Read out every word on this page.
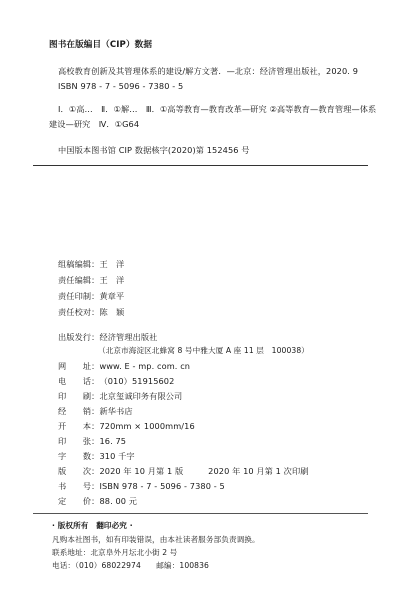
图书在版编目（CIP）数据
高校教育创新及其管理体系的建设/解方文著．—北京：经济管理出版社，2020. 9
ISBN 978 - 7 - 5096 - 7380 - 5
Ⅰ．①高…　Ⅱ．①解…　Ⅲ．①高等教育—教育改革—研究 ②高等教育—教育管理—体系
建设—研究　Ⅳ．①G64
中国版本图书馆 CIP 数据核字(2020)第 152456 号
组稿编辑：王　洋
责任编辑：王　洋
责任印制：黄章平
责任校对：陈　颖
出版发行：经济管理出版社
（北京市海淀区北蜂窝 8 号中雅大厦 A 座 11 层　100038）
网　　址：www. E - mp. com. cn
电　　话：（010）51915602
印　　刷：北京玺诚印务有限公司
经　　销：新华书店
开　　本：720mm × 1000mm/16
印　　张：16. 75
字　　数：310 千字
版　　次：2020 年 10 月第 1 版　　　2020 年 10 月第 1 次印刷
书　　号：ISBN 978 - 7 - 5096 - 7380 - 5
定　　价：88. 00 元
· 版权所有　翻印必究 ·
凡购本社图书，如有印装错误，由本社读者服务部负责调换。
联系地址：北京阜外月坛北小街 2 号
电话：（010）68022974　　邮编：100836
